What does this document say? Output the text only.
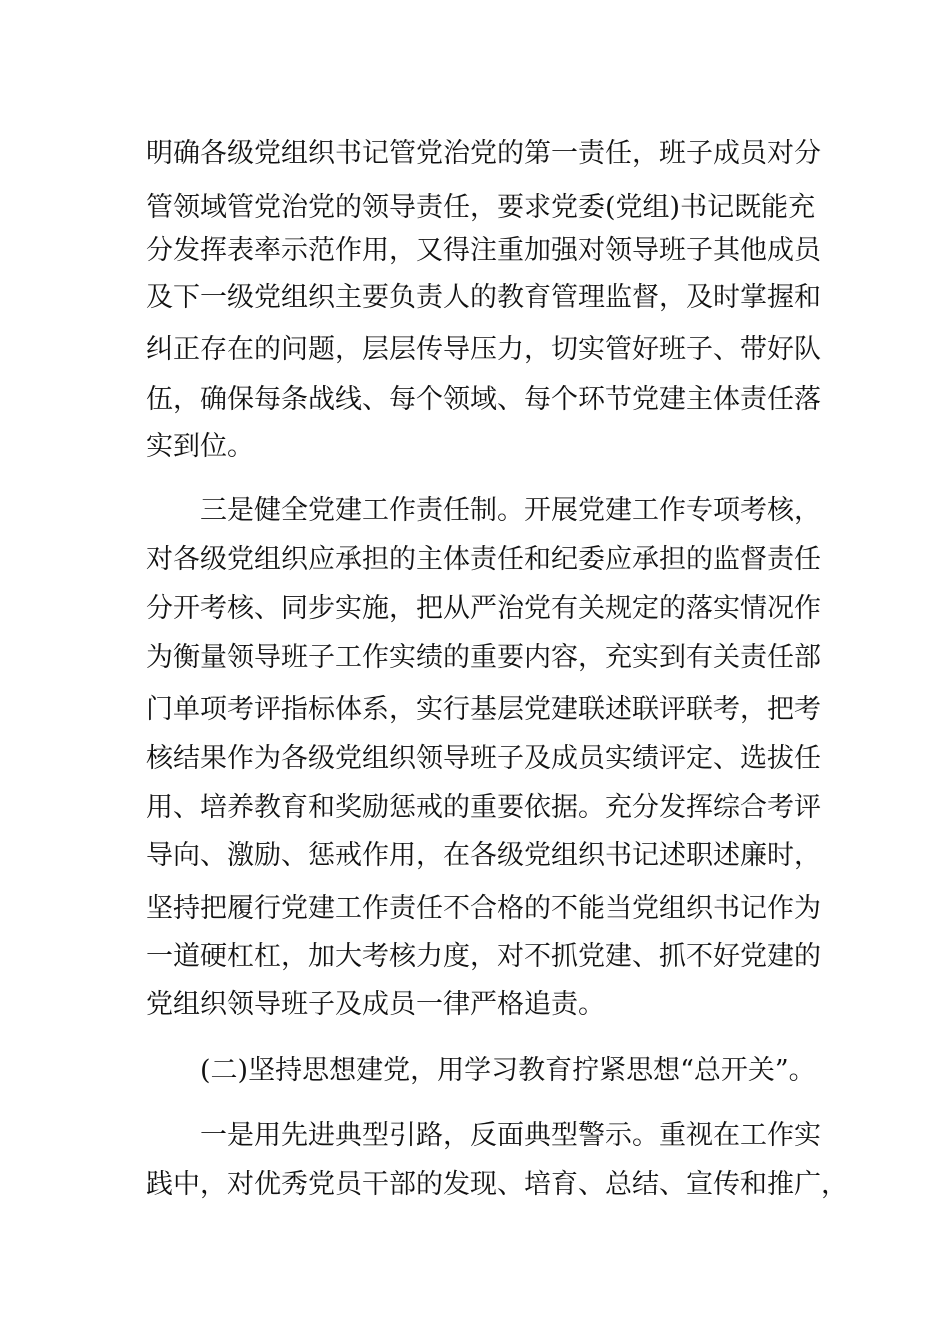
明确各级党组织书记管党治党的第一责任，班子成员对分
管领域管党治党的领导责任，要求党委(党组)书记既能充
分发挥表率示范作用，又得注重加强对领导班子其他成员
及下一级党组织主要负责人的教育管理监督，及时掌握和
纠正存在的问题，层层传导压力，切实管好班子、带好队
伍，确保每条战线、每个领域、每个环节党建主体责任落
实到位。
三是健全党建工作责任制。开展党建工作专项考核，
对各级党组织应承担的主体责任和纪委应承担的监督责任
分开考核、同步实施，把从严治党有关规定的落实情况作
为衡量领导班子工作实绩的重要内容，充实到有关责任部
门单项考评指标体系，实行基层党建联述联评联考，把考
核结果作为各级党组织领导班子及成员实绩评定、选拔任
用、培养教育和奖励惩戒的重要依据。充分发挥综合考评
导向、激励、惩戒作用，在各级党组织书记述职述廉时，
坚持把履行党建工作责任不合格的不能当党组织书记作为
一道硬杠杠，加大考核力度，对不抓党建、抓不好党建的
党组织领导班子及成员一律严格追责。
(二)坚持思想建党，用学习教育拧紧思想“总开关”。
一是用先进典型引路，反面典型警示。重视在工作实
践中，对优秀党员干部的发现、培育、总结、宣传和推广，
